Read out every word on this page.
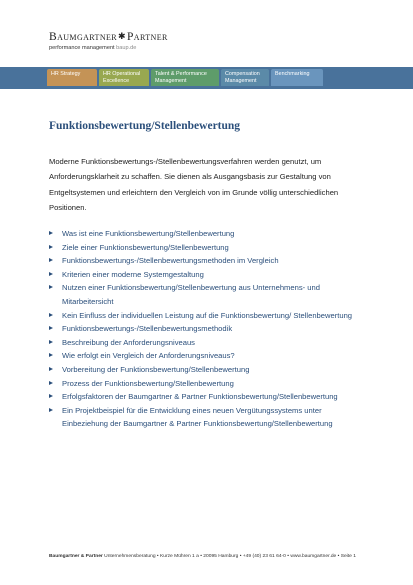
Baumgartner✱Partner
performance management baup.de
HR Strategy	HR Operational Excellence
Talent & Performance Management
Compensation Management
Benchmarking
Funktionsbewertung/Stellenbewertung

Moderne Funktionsbewertungs-/Stellenbewertungsverfahren werden genutzt, um Anforderungsklarheit zu schaffen. Sie dienen als Ausgangsbasis zur Gestaltung von Entgeltsystemen und erleichtern den Vergleich von im Grunde völlig unterschiedlichen Positionen.

Was ist eine Funktionsbewertung/Stellenbewertung
Ziele einer Funktionsbewertung/Stellenbewertung
Funktionsbewertungs-/Stellenbewertungsmethoden im Vergleich
Kriterien einer moderne Systemgestaltung
Nutzen einer Funktionsbewertung/Stellenbewertung aus Unternehmens- und Mitarbeitersicht
Kein Einfluss der individuellen Leistung auf die Funktionsbewertung/ Stellenbewertung
Funktionsbewertungs-/Stellenbewertungsmethodik
Beschreibung der Anforderungsniveaus
Wie erfolgt ein Vergleich der Anforderungsniveaus?
Vorbereitung der Funktionsbewertung/Stellenbewertung
Prozess der Funktionsbewertung/Stellenbewertung
Erfolgsfaktoren der Baumgartner & Partner Funktionsbewertung/Stellenbewertung
Ein Projektbeispiel für die Entwicklung eines neuen Vergütungssystems unter Einbeziehung der Baumgartner & Partner Funktionsbewertung/Stellenbewertung
Baumgartner & Partner Unternehmensberatung • Kurze Mühren 1 a • 20095 Hamburg • +49 (40) 23 61 64-0 • www.baumgartner.de • Seite 1
